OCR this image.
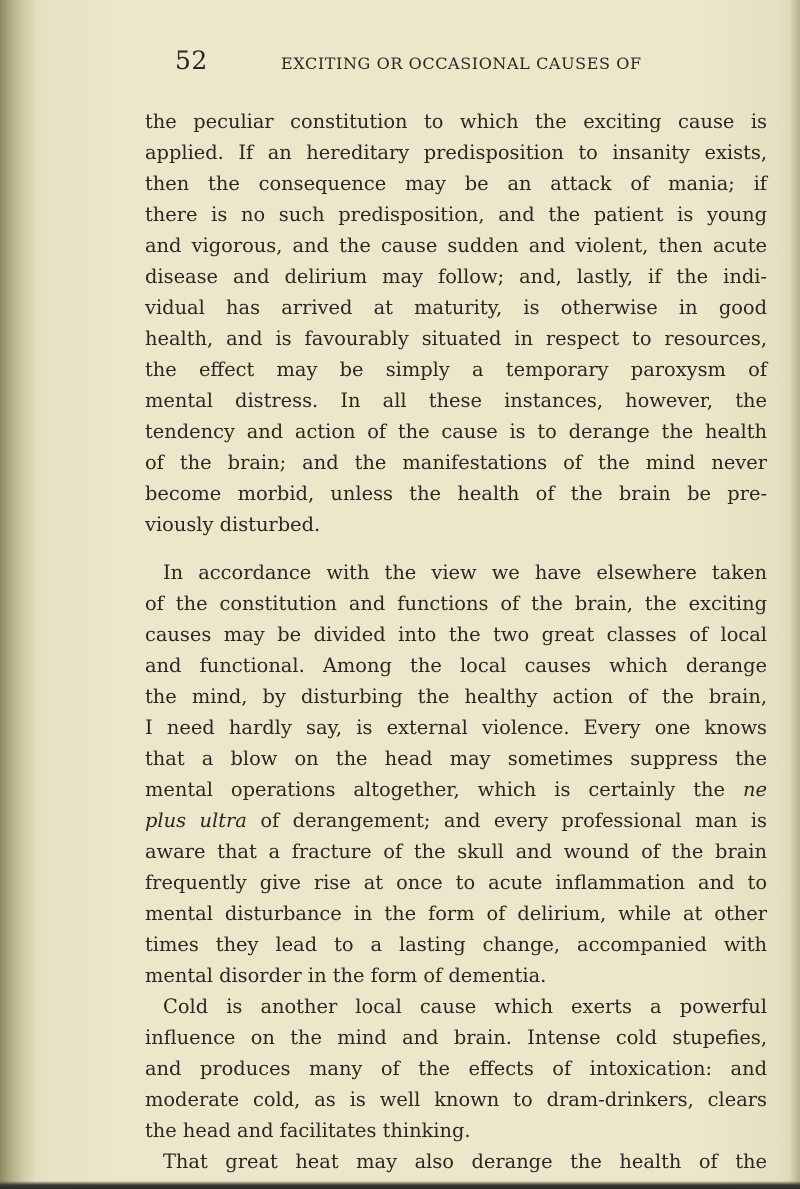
52	EXCITING OR OCCASIONAL CAUSES OF
the peculiar constitution to which the exciting cause is
applied. If an hereditary predisposition to insanity exists,
then the consequence may be an attack of mania; if
there is no such predisposition, and the patient is young
and vigorous, and the cause sudden and violent, then acute
disease and delirium may follow; and, lastly, if the indi-
vidual has arrived at maturity, is otherwise in good
health, and is favourably situated in respect to resources,
the effect may be simply a temporary paroxysm of
mental distress. In all these instances, however, the
tendency and action of the cause is to derange the health
of the brain; and the manifestations of the mind never
become morbid, unless the health of the brain be pre-
viously disturbed.
In accordance with the view we have elsewhere taken
of the constitution and functions of the brain, the exciting
causes may be divided into the two great classes of local
and functional. Among the local causes which derange
the mind, by disturbing the healthy action of the brain,
I need hardly say, is external violence. Every one knows
that a blow on the head may sometimes suppress the
mental operations altogether, which is certainly the ne
plus ultra of derangement; and every professional man is
aware that a fracture of the skull and wound of the brain
frequently give rise at once to acute inflammation and to
mental disturbance in the form of delirium, while at other
times they lead to a lasting change, accompanied with
mental disorder in the form of dementia.
Cold is another local cause which exerts a powerful
influence on the mind and brain. Intense cold stupefies,
and produces many of the effects of intoxication: and
moderate cold, as is well known to dram-drinkers, clears
the head and facilitates thinking.
That great heat may also derange the health of the
